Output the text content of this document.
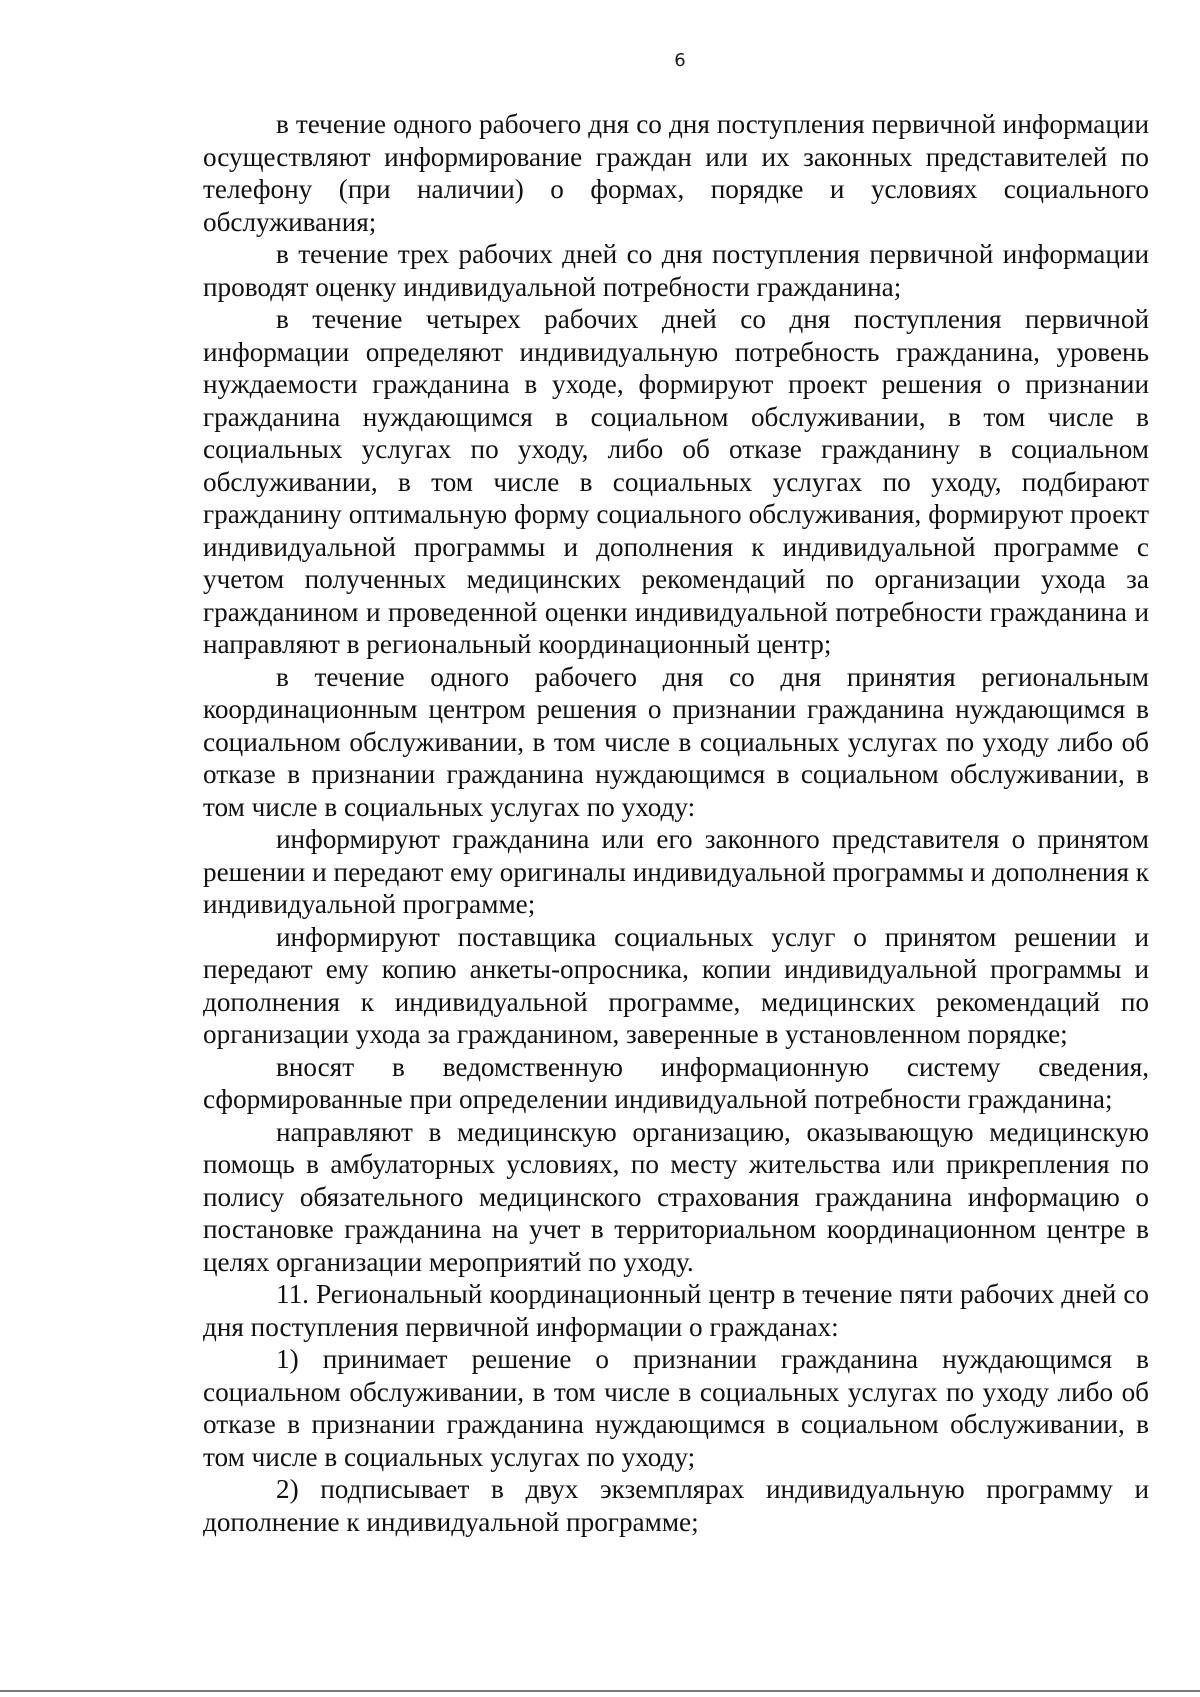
6

в течение одного рабочего дня со дня поступления первичной информации осуществляют информирование граждан или их законных представителей по телефону (при наличии) о формах, порядке и условиях социального обслуживания;

в течение трех рабочих дней со дня поступления первичной информации проводят оценку индивидуальной потребности гражданина;

в течение четырех рабочих дней со дня поступления первичной информации определяют индивидуальную потребность гражданина, уровень нуждаемости гражданина в уходе, формируют проект решения о признании гражданина нуждающимся в социальном обслуживании, в том числе в социальных услугах по уходу, либо об отказе гражданину в социальном обслуживании, в том числе в социальных услугах по уходу, подбирают гражданину оптимальную форму социального обслуживания, формируют проект индивидуальной программы и дополнения к индивидуальной программе с учетом полученных медицинских рекомендаций по организации ухода за гражданином и проведенной оценки индивидуальной потребности гражданина и направляют в региональный координационный центр;

в течение одного рабочего дня со дня принятия региональным координационным центром решения о признании гражданина нуждающимся в социальном обслуживании, в том числе в социальных услугах по уходу либо об отказе в признании гражданина нуждающимся в социальном обслуживании, в том числе в социальных услугах по уходу:

информируют гражданина или его законного представителя о принятом решении и передают ему оригиналы индивидуальной программы и дополнения к индивидуальной программе;

информируют поставщика социальных услуг о принятом решении и передают ему копию анкеты-опросника, копии индивидуальной программы и дополнения к индивидуальной программе, медицинских рекомендаций по организации ухода за гражданином, заверенные в установленном порядке;

вносят в ведомственную информационную систему сведения, сформированные при определении индивидуальной потребности гражданина;

направляют в медицинскую организацию, оказывающую медицинскую помощь в амбулаторных условиях, по месту жительства или прикрепления по полису обязательного медицинского страхования гражданина информацию о постановке гражданина на учет в территориальном координационном центре в целях организации мероприятий по уходу.

11. Региональный координационный центр в течение пяти рабочих дней со дня поступления первичной информации о гражданах:

1) принимает решение о признании гражданина нуждающимся в социальном обслуживании, в том числе в социальных услугах по уходу либо об отказе в признании гражданина нуждающимся в социальном обслуживании, в том числе в социальных услугах по уходу;

2) подписывает в двух экземплярах индивидуальную программу и дополнение к индивидуальной программе;
